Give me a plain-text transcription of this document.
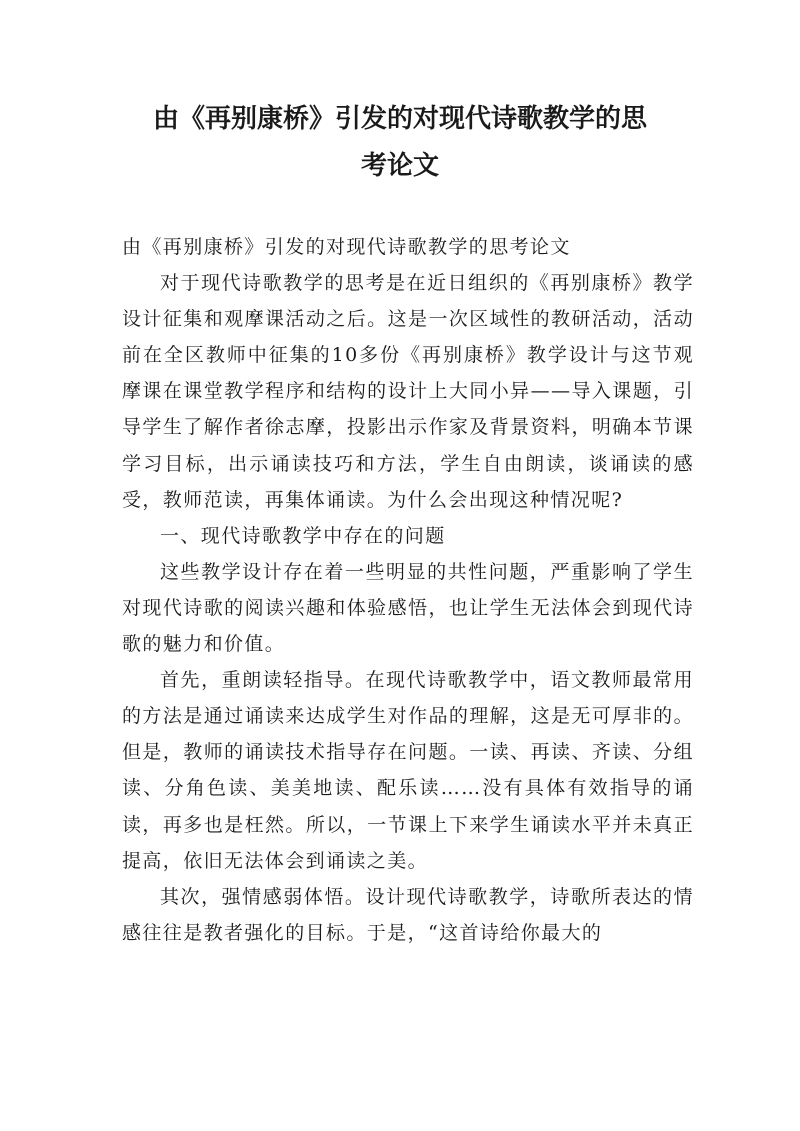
由《再别康桥》引发的对现代诗歌教学的思
考论文

由《再别康桥》引发的对现代诗歌教学的思考论文

对于现代诗歌教学的思考是在近日组织的《再别康桥》教学设计征集和观摩课活动之后。这是一次区域性的教研活动，活动前在全区教师中征集的10多份《再别康桥》教学设计与这节观摩课在课堂教学程序和结构的设计上大同小异——导入课题，引导学生了解作者徐志摩，投影出示作家及背景资料，明确本节课学习目标，出示诵读技巧和方法，学生自由朗读，谈诵读的感受，教师范读，再集体诵读。为什么会出现这种情况呢?

一、现代诗歌教学中存在的问题

这些教学设计存在着一些明显的共性问题，严重影响了学生对现代诗歌的阅读兴趣和体验感悟，也让学生无法体会到现代诗歌的魅力和价值。

首先，重朗读轻指导。在现代诗歌教学中，语文教师最常用的方法是通过诵读来达成学生对作品的理解，这是无可厚非的。但是，教师的诵读技术指导存在问题。一读、再读、齐读、分组读、分角色读、美美地读、配乐读……没有具体有效指导的诵读，再多也是枉然。所以，一节课上下来学生诵读水平并未真正提高，依旧无法体会到诵读之美。

其次，强情感弱体悟。设计现代诗歌教学，诗歌所表达的情感往往是教者强化的目标。于是，“这首诗给你最大的
